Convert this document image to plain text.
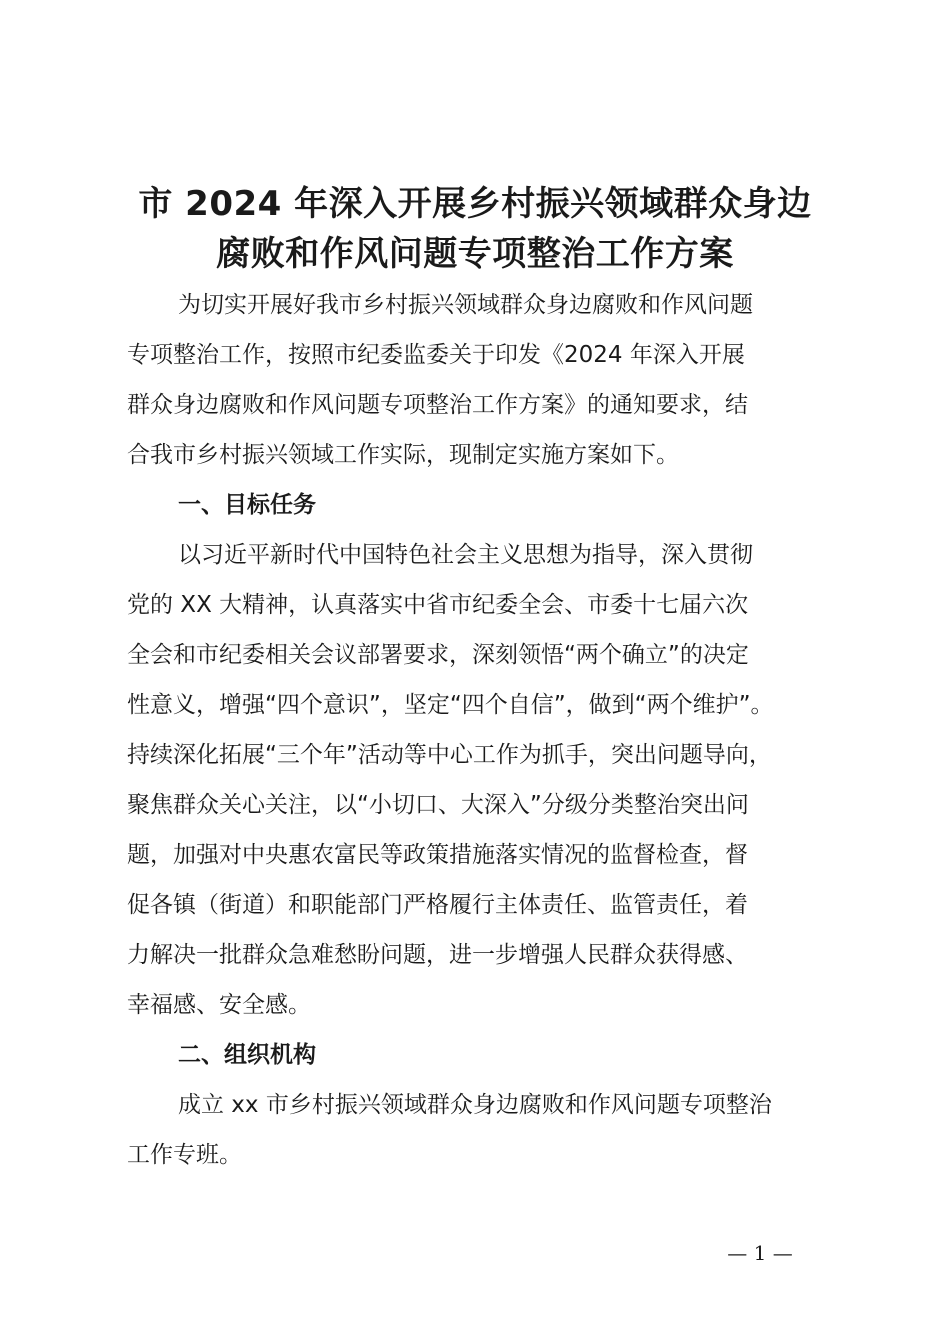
市 2024 年深入开展乡村振兴领域群众身边
腐败和作风问题专项整治工作方案
为切实开展好我市乡村振兴领域群众身边腐败和作风问题
专项整治工作，按照市纪委监委关于印发《2024 年深入开展
群众身边腐败和作风问题专项整治工作方案》的通知要求，结
合我市乡村振兴领域工作实际，现制定实施方案如下。
一、目标任务
以习近平新时代中国特色社会主义思想为指导，深入贯彻
党的 XX 大精神，认真落实中省市纪委全会、市委十七届六次
全会和市纪委相关会议部署要求，深刻领悟“两个确立”的决定
性意义，增强“四个意识”，坚定“四个自信”，做到“两个维护”。
持续深化拓展“三个年”活动等中心工作为抓手，突出问题导向，
聚焦群众关心关注，以“小切口、大深入”分级分类整治突出问
题，加强对中央惠农富民等政策措施落实情况的监督检查，督
促各镇（街道）和职能部门严格履行主体责任、监管责任，着
力解决一批群众急难愁盼问题，进一步增强人民群众获得感、
幸福感、安全感。
二、组织机构
成立 xx 市乡村振兴领域群众身边腐败和作风问题专项整治
工作专班。
— 1 —
